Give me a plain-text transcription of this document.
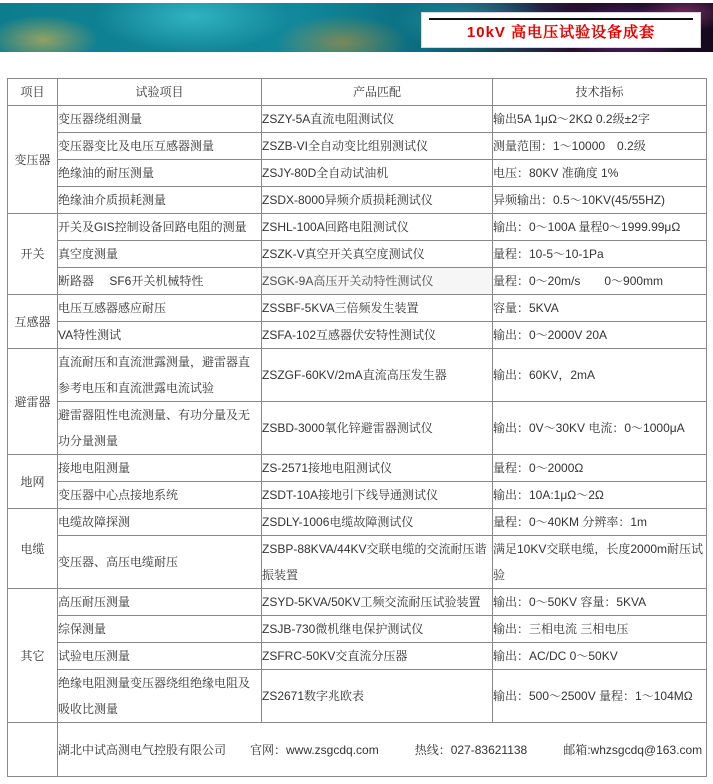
10kV 高电压试验设备成套
项目	试验项目	产品匹配	技术指标
变压器	变压器绕组测量	ZSZY-5A直流电阻测试仪	输出5A 1μΩ～2KΩ 0.2级±2字
	变压器变比及电压互感器测量	ZSZB-VI全自动变比组别测试仪	测量范围：1～10000　0.2级
	绝缘油的耐压测量	ZSJY-80D全自动试油机	电压：80KV 准确度 1%
	绝缘油介质损耗测量	ZSDX-8000异频介质损耗测试仪	异频输出：0.5～10KV(45/55HZ)
开关	开关及GIS控制设备回路电阻的测量	ZSHL-100A回路电阻测试仪	输出：0～100A 量程0～1999.99μΩ
	真空度测量	ZSZK-V真空开关真空度测试仪	量程：10-5～10-1Pa
	断路器　 SF6开关机械特性	ZSGK-9A高压开关动特性测试仪	量程：0～20m/s　　0～900mm
互感器	电压互感器感应耐压	ZSSBF-5KVA三倍频发生装置	容量：5KVA
	VA特性测试	ZSFA-102互感器伏安特性测试仪	输出：0～2000V 20A
避雷器	直流耐压和直流泄露测量，避雷器直参考电压和直流泄露电流试验	ZSZGF-60KV/2mA直流高压发生器	输出：60KV，2mA
	避雷器阻性电流测量、有功分量及无功分量测量	ZSBD-3000氧化锌避雷器测试仪	输出：0V～30KV 电流：0～1000μA
地网	接地电阻测量	ZS-2571接地电阻测试仪	量程：0～2000Ω
	变压器中心点接地系统	ZSDT-10A接地引下线导通测试仪	输出：10A:1μΩ～2Ω
电缆	电缆故障探测	ZSDLY-1006电缆故障测试仪	量程：0～40KM 分辨率：1m
	变压器、高压电缆耐压	ZSBP-88KVA/44KV交联电缆的交流耐压谐振装置	满足10KV交联电缆，长度2000m耐压试验
其它	高压耐压测量	ZSYD-5KVA/50KV工频交流耐压试验装置	输出：0～50KV 容量：5KVA
	综保测量	ZSJB-730微机继电保护测试仪	输出：三相电流 三相电压
	试验电压测量	ZSFRC-50KV交直流分压器	输出：AC/DC 0～50KV
	绝缘电阻测量变压器绕组绝缘电阻及吸收比测量	ZS2671数字兆欧表	输出：500～2500V 量程：1～104MΩ
	湖北中试高测电气控股有限公司　　官网：www.zsgcdq.com　　　热线：027-83621138　　　邮箱:whzsgcdq@163.com		
